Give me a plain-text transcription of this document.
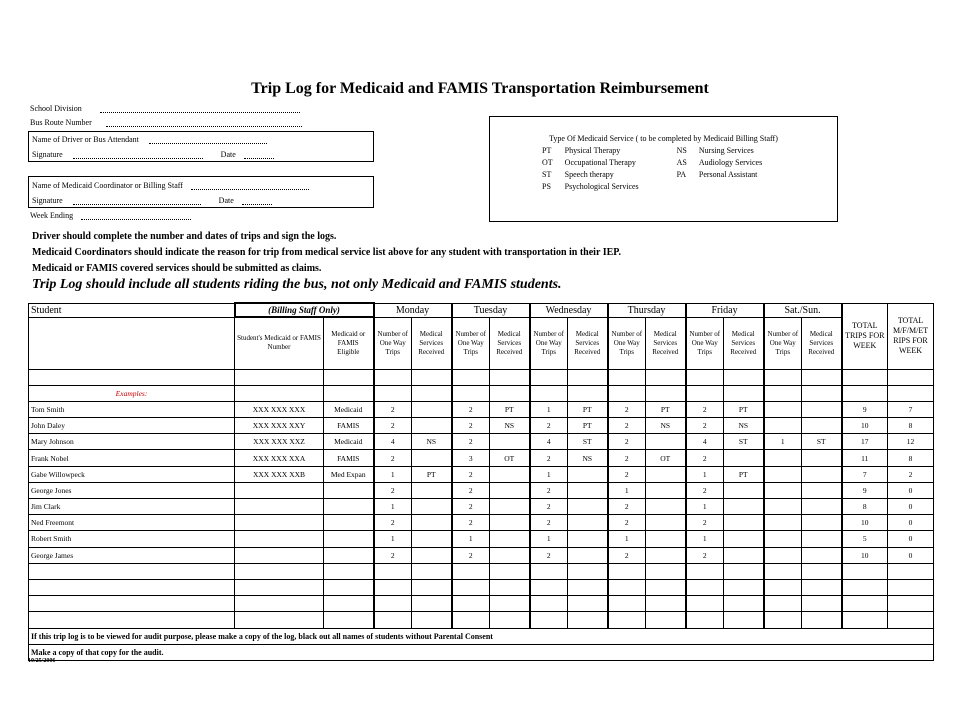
Trip Log for Medicaid and FAMIS Transportation Reimbursement
School Division
Bus Route Number
Name of Driver or Bus Attendant
Signature	Date
Name of Medicaid Coordinator or Billing Staff
Signature	Date
Week Ending
Type Of Medicaid Service ( to be completed by Medicaid Billing Staff)
PT	Physical Therapy	NS	Nursing Services
OT	Occupational Therapy	AS	Audiology Services
ST	Speech therapy	PA	Personal Assistant
PS	Psychological Services		
Driver should complete the number and dates of trips and sign the logs.
Medicaid Coordinators should indicate the reason for trip from medical service list above for any student with transportation in their IEP.
Medicaid or FAMIS covered services should be submitted as claims.
Trip Log should include all students riding the bus, not only Medicaid and FAMIS students.
Student	(Billing Staff Only)		Monday		Tuesday		Wednesday		Thursday		Friday		Sat./Sun.		TOTAL TRIPS FOR WEEK	TOTAL M/F/M/ET RIPS FOR WEEK
	Student's Medicaid or FAMIS Number	Medicaid or FAMIS Eligible	Number of One Way Trips	Medical Services Received	Number of One Way Trips	Medical Services Received	Number of One Way Trips	Medical Services Received	Number of One Way Trips	Medical Services Received	Number of One Way Trips	Medical Services Received	Number of One Way Trips	Medical Services Received		

Examples:																
Tom Smith	XXX XXX XXX	Medicaid	2		2	PT	1	PT	2	PT	2	PT			9	7
John Daley	XXX XXX XXY	FAMIS	2		2	NS	2	PT	2	NS	2	NS			10	8
Mary Johnson	XXX XXX XXZ	Medicaid	4	NS	2		4	ST	2		4	ST	1	ST	17	12
Frank Nobel	XXX XXX XXA	FAMIS	2		3	OT	2	NS	2	OT	2				11	8
Gabe Willowpeck	XXX XXX XXB	Med Expan	1	PT	2		1		2		1	PT			7	2
George Jones			2		2		2		1		2				9	0
Jim Clark			1		2		2		2		1				8	0
Ned Freemont			2		2		2		2		2				10	0
Robert Smith			1		1		1		1		1				5	0
George James			2		2		2		2		2				10	0

If this trip log is to be viewed for audit purpose, please make a copy of the log, black out all names of students without Parental Consent																
Make a copy of that copy for the audit.																
10/25/2006
